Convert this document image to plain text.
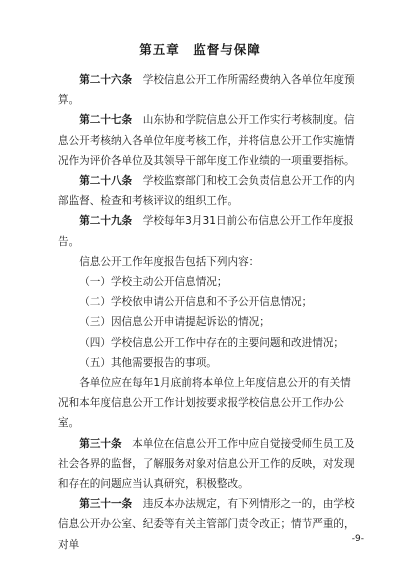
第五章　监督与保障

第二十六条　学校信息公开工作所需经费纳入各单位年度预算。

第二十七条　山东协和学院信息公开工作实行考核制度。信息公开考核纳入各单位年度考核工作，并将信息公开工作实施情况作为评价各单位及其领导干部年度工作业绩的一项重要指标。

第二十八条　学校监察部门和校工会负责信息公开工作的内部监督、检查和考核评议的组织工作。

第二十九条　学校每年3月31日前公布信息公开工作年度报告。

信息公开工作年度报告包括下列内容：

（一）学校主动公开信息情况；

（二）学校依申请公开信息和不予公开信息情况；

（三）因信息公开申请提起诉讼的情况；

（四）学校信息公开工作中存在的主要问题和改进情况；

（五）其他需要报告的事项。

各单位应在每年1月底前将本单位上年度信息公开的有关情况和本年度信息公开工作计划按要求报学校信息公开工作办公室。

第三十条　本单位在信息公开工作中应自觉接受师生员工及社会各界的监督，了解服务对象对信息公开工作的反映，对发现和存在的问题应当认真研究，积极整改。

第三十一条　违反本办法规定，有下列情形之一的，由学校信息公开办公室、纪委等有关主管部门责令改正；情节严重的，对单	-9-
